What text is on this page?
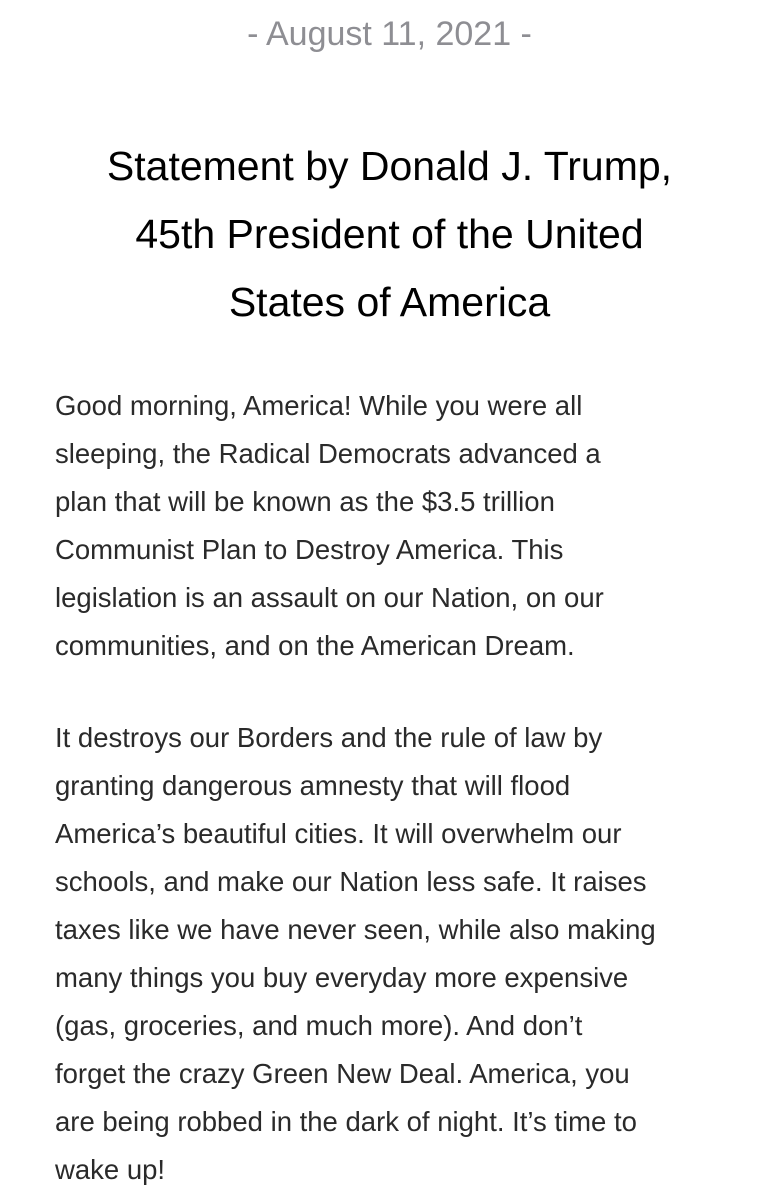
- August 11, 2021 -
Statement by Donald J. Trump,
45th President of the United
States of America

Good morning, America! While you were all
sleeping, the Radical Democrats advanced a
plan that will be known as the $3.5 trillion
Communist Plan to Destroy America. This
legislation is an assault on our Nation, on our
communities, and on the American Dream.

It destroys our Borders and the rule of law by
granting dangerous amnesty that will flood
America’s beautiful cities. It will overwhelm our
schools, and make our Nation less safe. It raises
taxes like we have never seen, while also making
many things you buy everyday more expensive
(gas, groceries, and much more). And don’t
forget the crazy Green New Deal. America, you
are being robbed in the dark of night. It’s time to
wake up!
